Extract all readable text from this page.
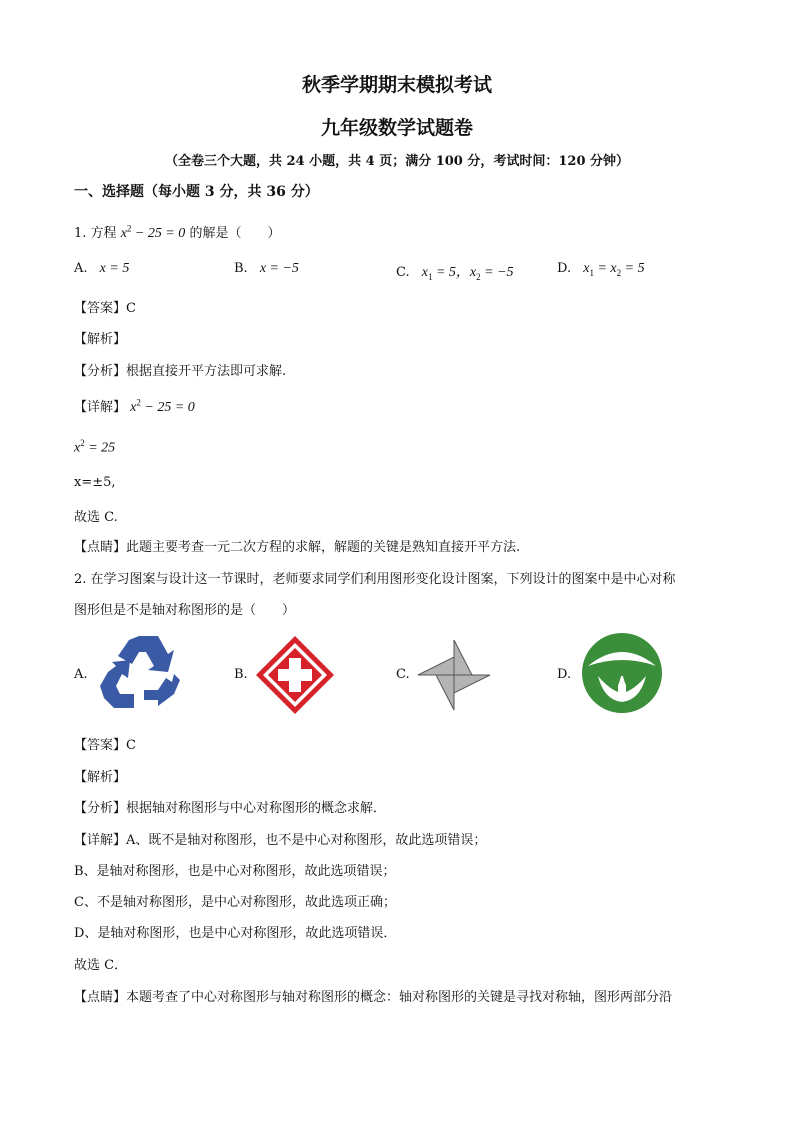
秋季学期期末模拟考试
九年级数学试题卷
（全卷三个大题，共 24 小题，共 4 页；满分 100 分，考试时间：120 分钟）
一、选择题（每小题 3 分，共 36 分）
1. 方程 $x^2 - 25 = 0$ 的解是（　　）
A. x = 5	B. x = −5	C. $x_1 = 5$，$x_2 = -5$	D. $x_1 = x_2 = 5$
【答案】C
【解析】
【分析】根据直接开平方法即可求解.
【详解】 $x^2 - 25 = 0$
$x^2 = 25$
x=±5,
故选 C.
【点睛】此题主要考查一元二次方程的求解，解题的关键是熟知直接开平方法.
2. 在学习图案与设计这一节课时，老师要求同学们利用图形变化设计图案，下列设计的图案中是中心对称
图形但是不是轴对称图形的是（　　）
A.	B.	C.	D.
【答案】C
【解析】
【分析】根据轴对称图形与中心对称图形的概念求解．
【详解】A、既不是轴对称图形，也不是中心对称图形，故此选项错误；
B、是轴对称图形，也是中心对称图形，故此选项错误；
C、不是轴对称图形，是中心对称图形，故此选项正确；
D、是轴对称图形，也是中心对称图形，故此选项错误．
故选 C．
【点睛】本题考查了中心对称图形与轴对称图形的概念：轴对称图形的关键是寻找对称轴，图形两部分沿
